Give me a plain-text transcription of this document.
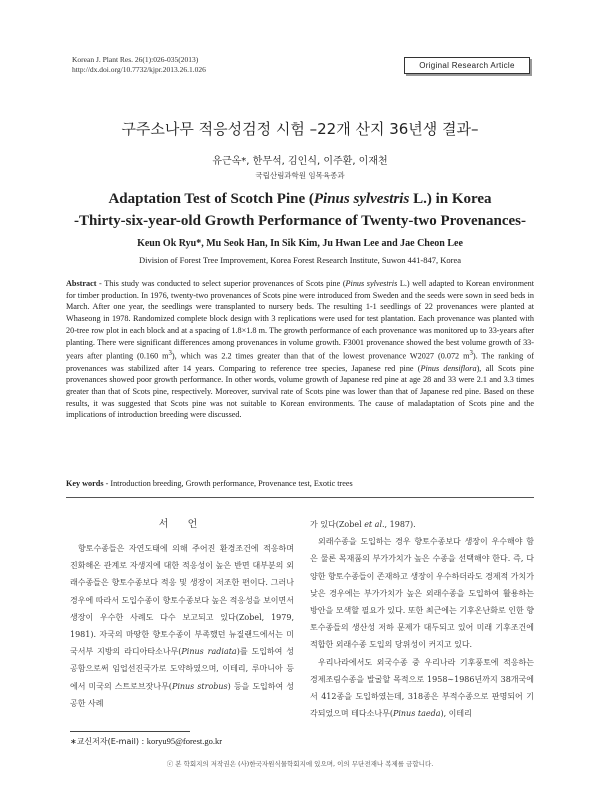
Korean J. Plant Res. 26(1):026-035(2013)
http://dx.doi.org/10.7732/kjpr.2013.26.1.026	Original Research Article
구주소나무 적응성검정 시험 –22개 산지 36년생 결과–
유근옥*, 한무석, 김인식, 이주환, 이재천
국립산림과학원 임목육종과
Adaptation Test of Scotch Pine (Pinus sylvestris L.) in Korea
-Thirty-six-year-old Growth Performance of Twenty-two Provenances-
Keun Ok Ryu*, Mu Seok Han, In Sik Kim, Ju Hwan Lee and Jae Cheon Lee
Division of Forest Tree Improvement, Korea Forest Research Institute, Suwon 441-847, Korea
Abstract - This study was conducted to select superior provenances of Scots pine (Pinus sylvestris L.) well adapted to Korean environment for timber production. In 1976, twenty-two provenances of Scots pine were introduced from Sweden and the seeds were sown in seed beds in March. After one year, the seedlings were transplanted to nursery beds. The resulting 1-1 seedlings of 22 provenances were planted at Whaseong in 1978. Randomized complete block design with 3 replications were used for test plantation. Each provenance was planted with 20-tree row plot in each block and at a spacing of 1.8×1.8 m. The growth performance of each provenance was monitored up to 33-years after planting. There were significant differences among provenances in volume growth. F3001 provenance showed the best volume growth of 33-years after planting (0.160 $m^3$), which was 2.2 times greater than that of the lowest provenance W2027 (0.072 $m^3$). The ranking of provenances was stabilized after 14 years. Comparing to reference tree species, Japanese red pine (Pinus densiflora), all Scots pine provenances showed poor growth performance. In other words, volume growth of Japanese red pine at age 28 and 33 were 2.1 and 3.3 times greater than that of Scots pine, respectively. Moreover, survival rate of Scots pine was lower than that of Japanese red pine. Based on these results, it was suggested that Scots pine was not suitable to Korean environments. The cause of maladaptation of Scots pine and the implications of introduction breeding were discussed.
Key words - Introduction breeding, Growth performance, Provenance test, Exotic trees
서 언

향토수종들은 자연도태에 의해 주어진 환경조건에 적응하며 진화해온 관계로 자생지에 대한 적응성이 높은 반면 대부분의 외래수종들은 향토수종보다 적응 및 생장이 저조한 편이다. 그러나 경우에 따라서 도입수종이 향토수종보다 높은 적응성을 보이면서 생장이 우수한 사례도 다수 보고되고 있다(Zobel, 1979, 1981). 자국의 마땅한 향토수종이 부족했던 뉴질랜드에서는 미국서부 지방의 라디아타소나무(Pinus radiata)를 도입하여 성공함으로써 임업선진국가로 도약하였으며, 이테리, 루마니아 등에서 미국의 스트로브잣나무(Pinus strobus) 등을 도입하여 성공한 사례

가 있다(Zobel et al., 1987).

외래수종을 도입하는 경우 향토수종보다 생장이 우수해야 함은 물론 목재품의 부가가치가 높은 수종을 선택해야 한다. 즉, 다양한 향토수종들이 존재하고 생장이 우수하더라도 경제적 가치가 낮은 경우에는 부가가치가 높은 외래수종을 도입하여 활용하는 방안을 모색할 필요가 있다. 또한 최근에는 기후온난화로 인한 향토수종들의 생산성 저하 문제가 대두되고 있어 미래 기후조건에 적합한 외래수종 도입의 당위성이 커지고 있다.

우리나라에서도 외국수종 중 우리나라 기후풍토에 적응하는 경제조림수종을 발굴할 목적으로 1958∼1986년까지 38개국에서 412종을 도입하였는데, 318종은 부적수종으로 판명되어 기각되었으며 테다소나무(Pinus taeda), 이테리

∗교신저자(E-mail) : koryu95@forest.go.kr
ⓒ 본 학회지의 저작권은 (사)한국자원식물학회지에 있으며, 이의 무단전재나 복제를 금합니다.
